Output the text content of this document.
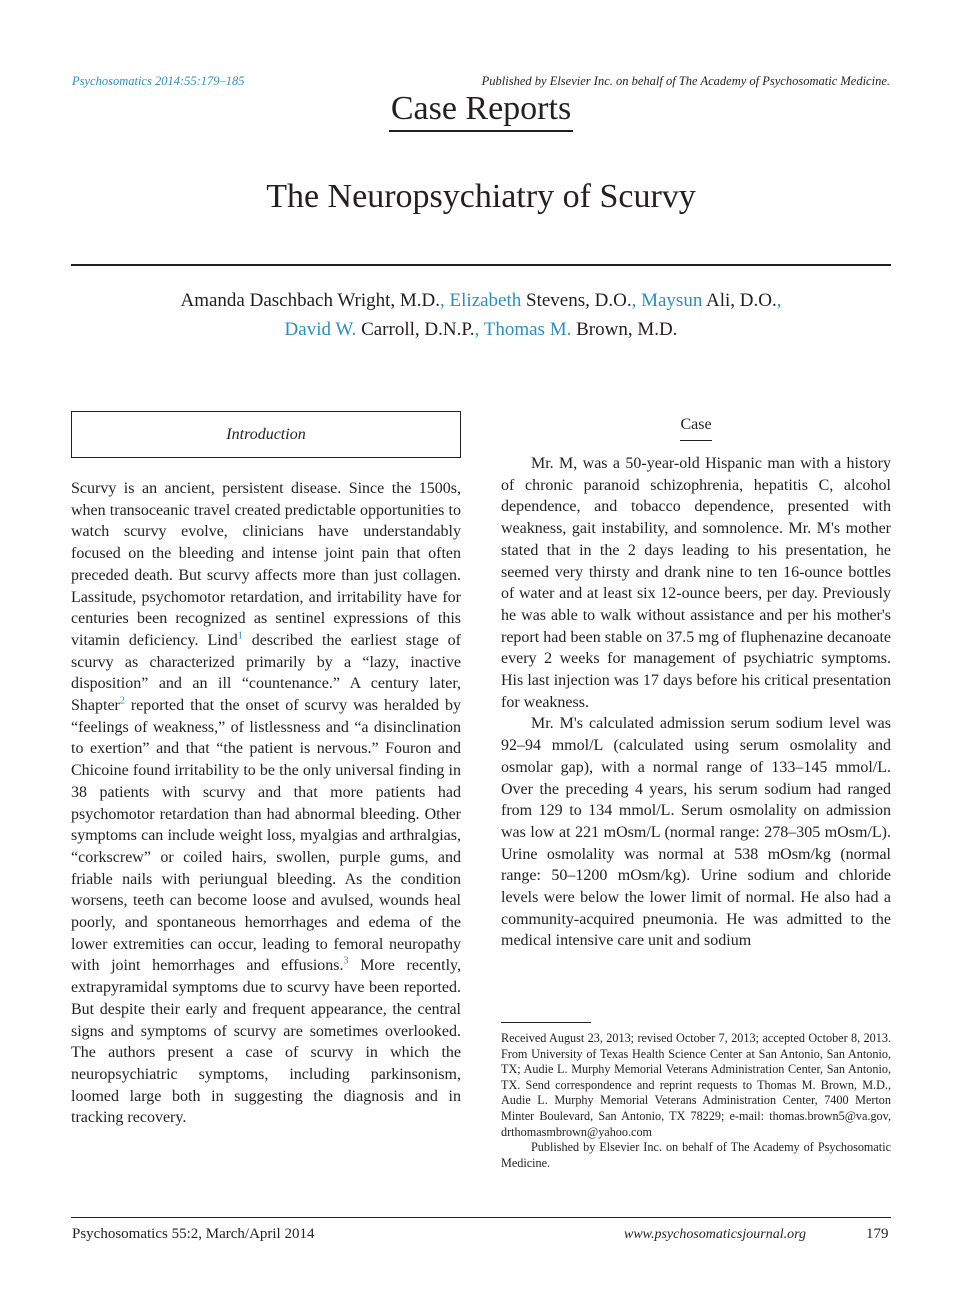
Psychosomatics 2014:55:179–185	Published by Elsevier Inc. on behalf of The Academy of Psychosomatic Medicine.
Case Reports
The Neuropsychiatry of Scurvy
Amanda Daschbach Wright, M.D., Elizabeth Stevens, D.O., Maysun Ali, D.O.,
David W. Carroll, D.N.P., Thomas M. Brown, M.D.
Introduction

Scurvy is an ancient, persistent disease. Since the 1500s, when transoceanic travel created predictable opportunities to watch scurvy evolve, clinicians have understandably focused on the bleeding and intense joint pain that often preceded death. But scurvy affects more than just collagen. Lassitude, psychomotor retardation, and irritability have for centuries been recognized as sentinel expressions of this vitamin deficiency. Lind$^1$ described the earliest stage of scurvy as characterized primarily by a “lazy, inactive disposition” and an ill “countenance.” A century later, Shapter$^2$ reported that the onset of scurvy was heralded by “feelings of weakness,” of listlessness and “a disinclination to exertion” and that “the patient is nervous.” Fouron and Chicoine found irritability to be the only universal finding in 38 patients with scurvy and that more patients had psychomotor retardation than had abnormal bleeding. Other symptoms can include weight loss, myalgias and arthralgias, “corkscrew” or coiled hairs, swollen, purple gums, and friable nails with periungual bleeding. As the condition worsens, teeth can become loose and avulsed, wounds heal poorly, and spontaneous hemorrhages and edema of the lower extremities can occur, leading to femoral neuropathy with joint hemorrhages and effusions.$^3$ More recently, extrapyramidal symptoms due to scurvy have been reported. But despite their early and frequent appearance, the central signs and symptoms of scurvy are sometimes overlooked. The authors present a case of scurvy in which the neuropsychiatric symptoms, including parkinsonism, loomed large both in suggesting the diagnosis and in tracking recovery.

Case

Mr. M, was a 50-year-old Hispanic man with a history of chronic paranoid schizophrenia, hepatitis C, alcohol dependence, and tobacco dependence, presented with weakness, gait instability, and somnolence. Mr. M's mother stated that in the 2 days leading to his presentation, he seemed very thirsty and drank nine to ten 16-ounce bottles of water and at least six 12-ounce beers, per day. Previously he was able to walk without assistance and per his mother's report had been stable on 37.5 mg of fluphenazine decanoate every 2 weeks for management of psychiatric symptoms. His last injection was 17 days before his critical presentation for weakness.

Mr. M's calculated admission serum sodium level was 92–94 mmol/L (calculated using serum osmolality and osmolar gap), with a normal range of 133–145 mmol/L. Over the preceding 4 years, his serum sodium had ranged from 129 to 134 mmol/L. Serum osmolality on admission was low at 221 mOsm/L (normal range: 278–305 mOsm/L). Urine osmolality was normal at 538 mOsm/kg (normal range: 50–1200 mOsm/kg). Urine sodium and chloride levels were below the lower limit of normal. He also had a community-acquired pneumonia. He was admitted to the medical intensive care unit and sodium

Received August 23, 2013; revised October 7, 2013; accepted October 8, 2013. From University of Texas Health Science Center at San Antonio, San Antonio, TX; Audie L. Murphy Memorial Veterans Administration Center, San Antonio, TX. Send correspondence and reprint requests to Thomas M. Brown, M.D., Audie L. Murphy Memorial Veterans Administration Center, 7400 Merton Minter Boulevard, San Antonio, TX 78229; e-mail: thomas.brown5@va.gov, drthomasmbrown@yahoo.com

Published by Elsevier Inc. on behalf of The Academy of Psychosomatic Medicine.

Psychosomatics 55:2, March/April 2014	www.psychosomaticsjournal.org	179
